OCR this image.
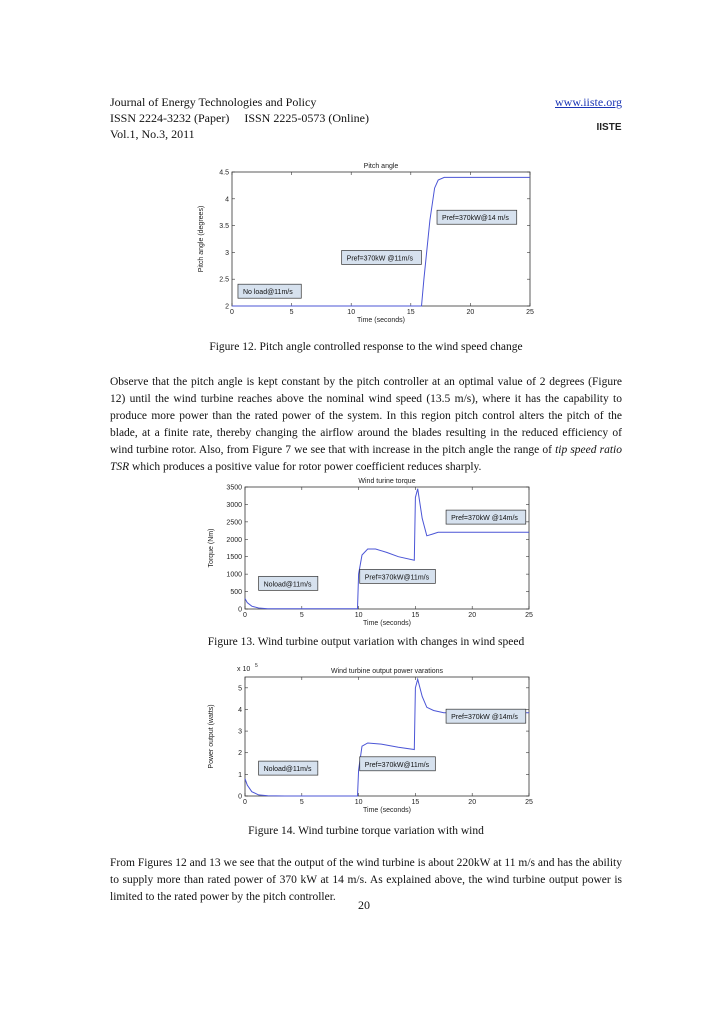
Journal of Energy Technologies and Policy
ISSN 2224-3232 (Paper) ISSN 2225-0573 (Online)
Vol.1, No.3, 2011
www.iiste.org
IISTE
Pitch angle
0	5	10	15	20	25
2
2.5
3
3.5
4
4.5
Time (seconds)
Pitch angle (degrees)
No load@11m/s
Pref=370kW @11m/s
Pref=370kW@14 m/s
Figure 12. Pitch angle controlled response to the wind speed change
Observe that the pitch angle is kept constant by the pitch controller at an optimal value of 2 degrees (Figure 12) until the wind turbine reaches above the nominal wind speed (13.5 m/s), where it has the capability to produce more power than the rated power of the system. In this region pitch control alters the pitch of the blade, at a finite rate, thereby changing the airflow around the blades resulting in the reduced efficiency of wind turbine rotor. Also, from Figure 7 we see that with increase in the pitch angle the range of tip speed ratio TSR which produces a positive value for rotor power coefficient reduces sharply.
Wind turine torque
0	5	10	15	20	25
0
500
1000
1500
2000
2500
3000
3500
Time (seconds)
Torque (Nm)
Noload@11m/s
Pref=370kW@11m/s
Pref=370kW @14m/s
Figure 13. Wind turbine output variation with changes in wind speed
Wind turbine output power varations
0	5	10	15	20	25
0
1
2
3
4
5
Time (seconds)
Power output (watts)
x 10 5
Noload@11m/s
Pref=370kW@11m/s
Pref=370kW @14m/s
Figure 14. Wind turbine torque variation with wind
From Figures 12 and 13 we see that the output of the wind turbine is about 220kW at 11 m/s and has the ability to supply more than rated power of 370 kW at 14 m/s. As explained above, the wind turbine output power is limited to the rated power by the pitch controller.
20
